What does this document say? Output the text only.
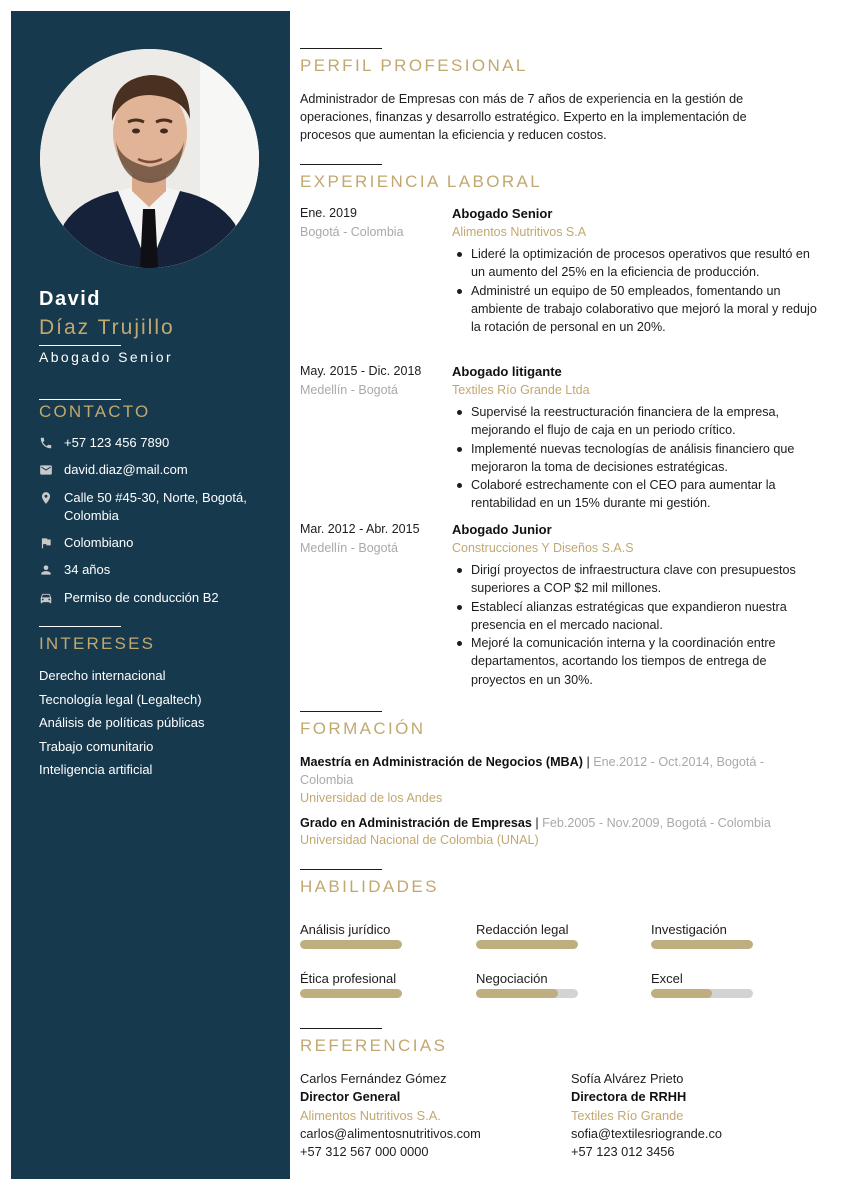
David
Díaz Trujillo
Abogado Senior
CONTACTO
+57 123 456 7890
david.diaz@mail.com
Calle 50 #45-30, Norte, Bogotá, Colombia
Colombiano
34 años
Permiso de conducción B2
INTERESES
Derecho internacional
Tecnología legal (Legaltech)
Análisis de políticas públicas
Trabajo comunitario
Inteligencia artificial
PERFIL PROFESIONAL
Administrador de Empresas con más de 7 años de experiencia en la gestión de operaciones, finanzas y desarrollo estratégico. Experto en la implementación de procesos que aumentan la eficiencia y reducen costos.
EXPERIENCIA LABORAL
Ene. 2019
Bogotá - Colombia
Abogado Senior
Alimentos Nutritivos S.A
Lideré la optimización de procesos operativos que resultó en un aumento del 25% en la eficiencia de producción.
Administré un equipo de 50 empleados, fomentando un ambiente de trabajo colaborativo que mejoró la moral y redujo la rotación de personal en un 20%.
May. 2015 - Dic. 2018
Medellín - Bogotá
Abogado litigante
Textiles Río Grande Ltda
Supervisé la reestructuración financiera de la empresa, mejorando el flujo de caja en un periodo crítico.
Implementé nuevas tecnologías de análisis financiero que mejoraron la toma de decisiones estratégicas.
Colaboré estrechamente con el CEO para aumentar la rentabilidad en un 15% durante mi gestión.
Mar. 2012 - Abr. 2015
Medellín - Bogotá
Abogado Junior
Construcciones Y Diseños S.A.S
Dirigí proyectos de infraestructura clave con presupuestos superiores a COP $2 mil millones.
Establecí alianzas estratégicas que expandieron nuestra presencia en el mercado nacional.
Mejoré la comunicación interna y la coordinación entre departamentos, acortando los tiempos de entrega de proyectos en un 30%.
FORMACIÓN
Maestría en Administración de Negocios (MBA) | Ene.2012 - Oct.2014, Bogotá - Colombia
Universidad de los Andes
Grado en Administración de Empresas | Feb.2005 - Nov.2009, Bogotá - Colombia
Universidad Nacional de Colombia (UNAL)
HABILIDADES
Análisis jurídico	Redacción legal	Investigación
Ética profesional	Negociación	Excel
REFERENCIAS
Carlos Fernández Gómez
Director General
Alimentos Nutritivos S.A.
carlos@alimentosnutritivos.com
+57 312 567 000 0000
Sofía Alvárez Prieto
Directora de RRHH
Textiles Río Grande
sofia@textilesriogrande.co
+57 123 012 3456
